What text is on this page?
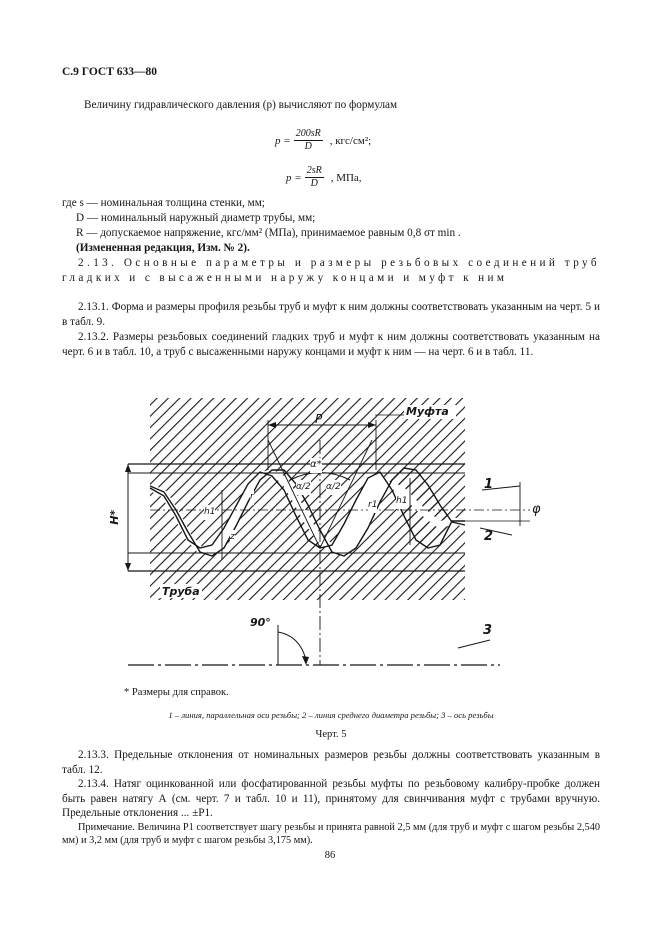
С.9 ГОСТ 633—80
Величину гидравлического давления (р) вычисляют по формулам
$p = \frac{200sR}{D}$ , кгс/см²;
$p = \frac{2sR}{D}$ , МПа,
где s — номинальная толщина стенки, мм;
D — номинальный наружный диаметр трубы, мм;
R — допускаемое напряжение, кгс/мм² (МПа), принимаемое равным 0,8 σт min .
(Измененная редакция, Изм. № 2).
2.13. Основные параметры и размеры резьбовых соединений труб гладких и с высаженными наружу концами и муфт к ним
2.13.1. Форма и размеры профиля резьбы труб и муфт к ним должны соответствовать указанным на черт. 5 и в табл. 9.
2.13.2. Размеры резьбовых соединений гладких труб и муфт к ним должны соответствовать указанным на черт. 6 и в табл. 10, а труб с высаженными наружу концами и муфт к ним — на черт. 6 и в табл. 11.
Муфта
Труба
P
H*
α*
α/2 α/2
h1
h1
r
r1
z
φ
90°
1
2
3
* Размеры для справок.
1 – линия, параллельная оси резьбы; 2 – линия среднего диаметра резьбы; 3 – ось резьбы
Черт. 5
2.13.3. Предельные отклонения от номинальных размеров резьбы должны соответствовать указанным в табл. 12.
2.13.4. Натяг оцинкованной или фосфатированной резьбы муфты по резьбовому калибру-пробке должен быть равен натягу А (см. черт. 7 и табл. 10 и 11), принятому для свинчивания муфт с трубами вручную. Предельные отклонения ... ±Р1.
Примечание. Величина Р1 соответствует шагу резьбы и принята равной 2,5 мм (для труб и муфт с шагом резьбы 2,540 мм) и 3,2 мм (для труб и муфт с шагом резьбы 3,175 мм).
86
